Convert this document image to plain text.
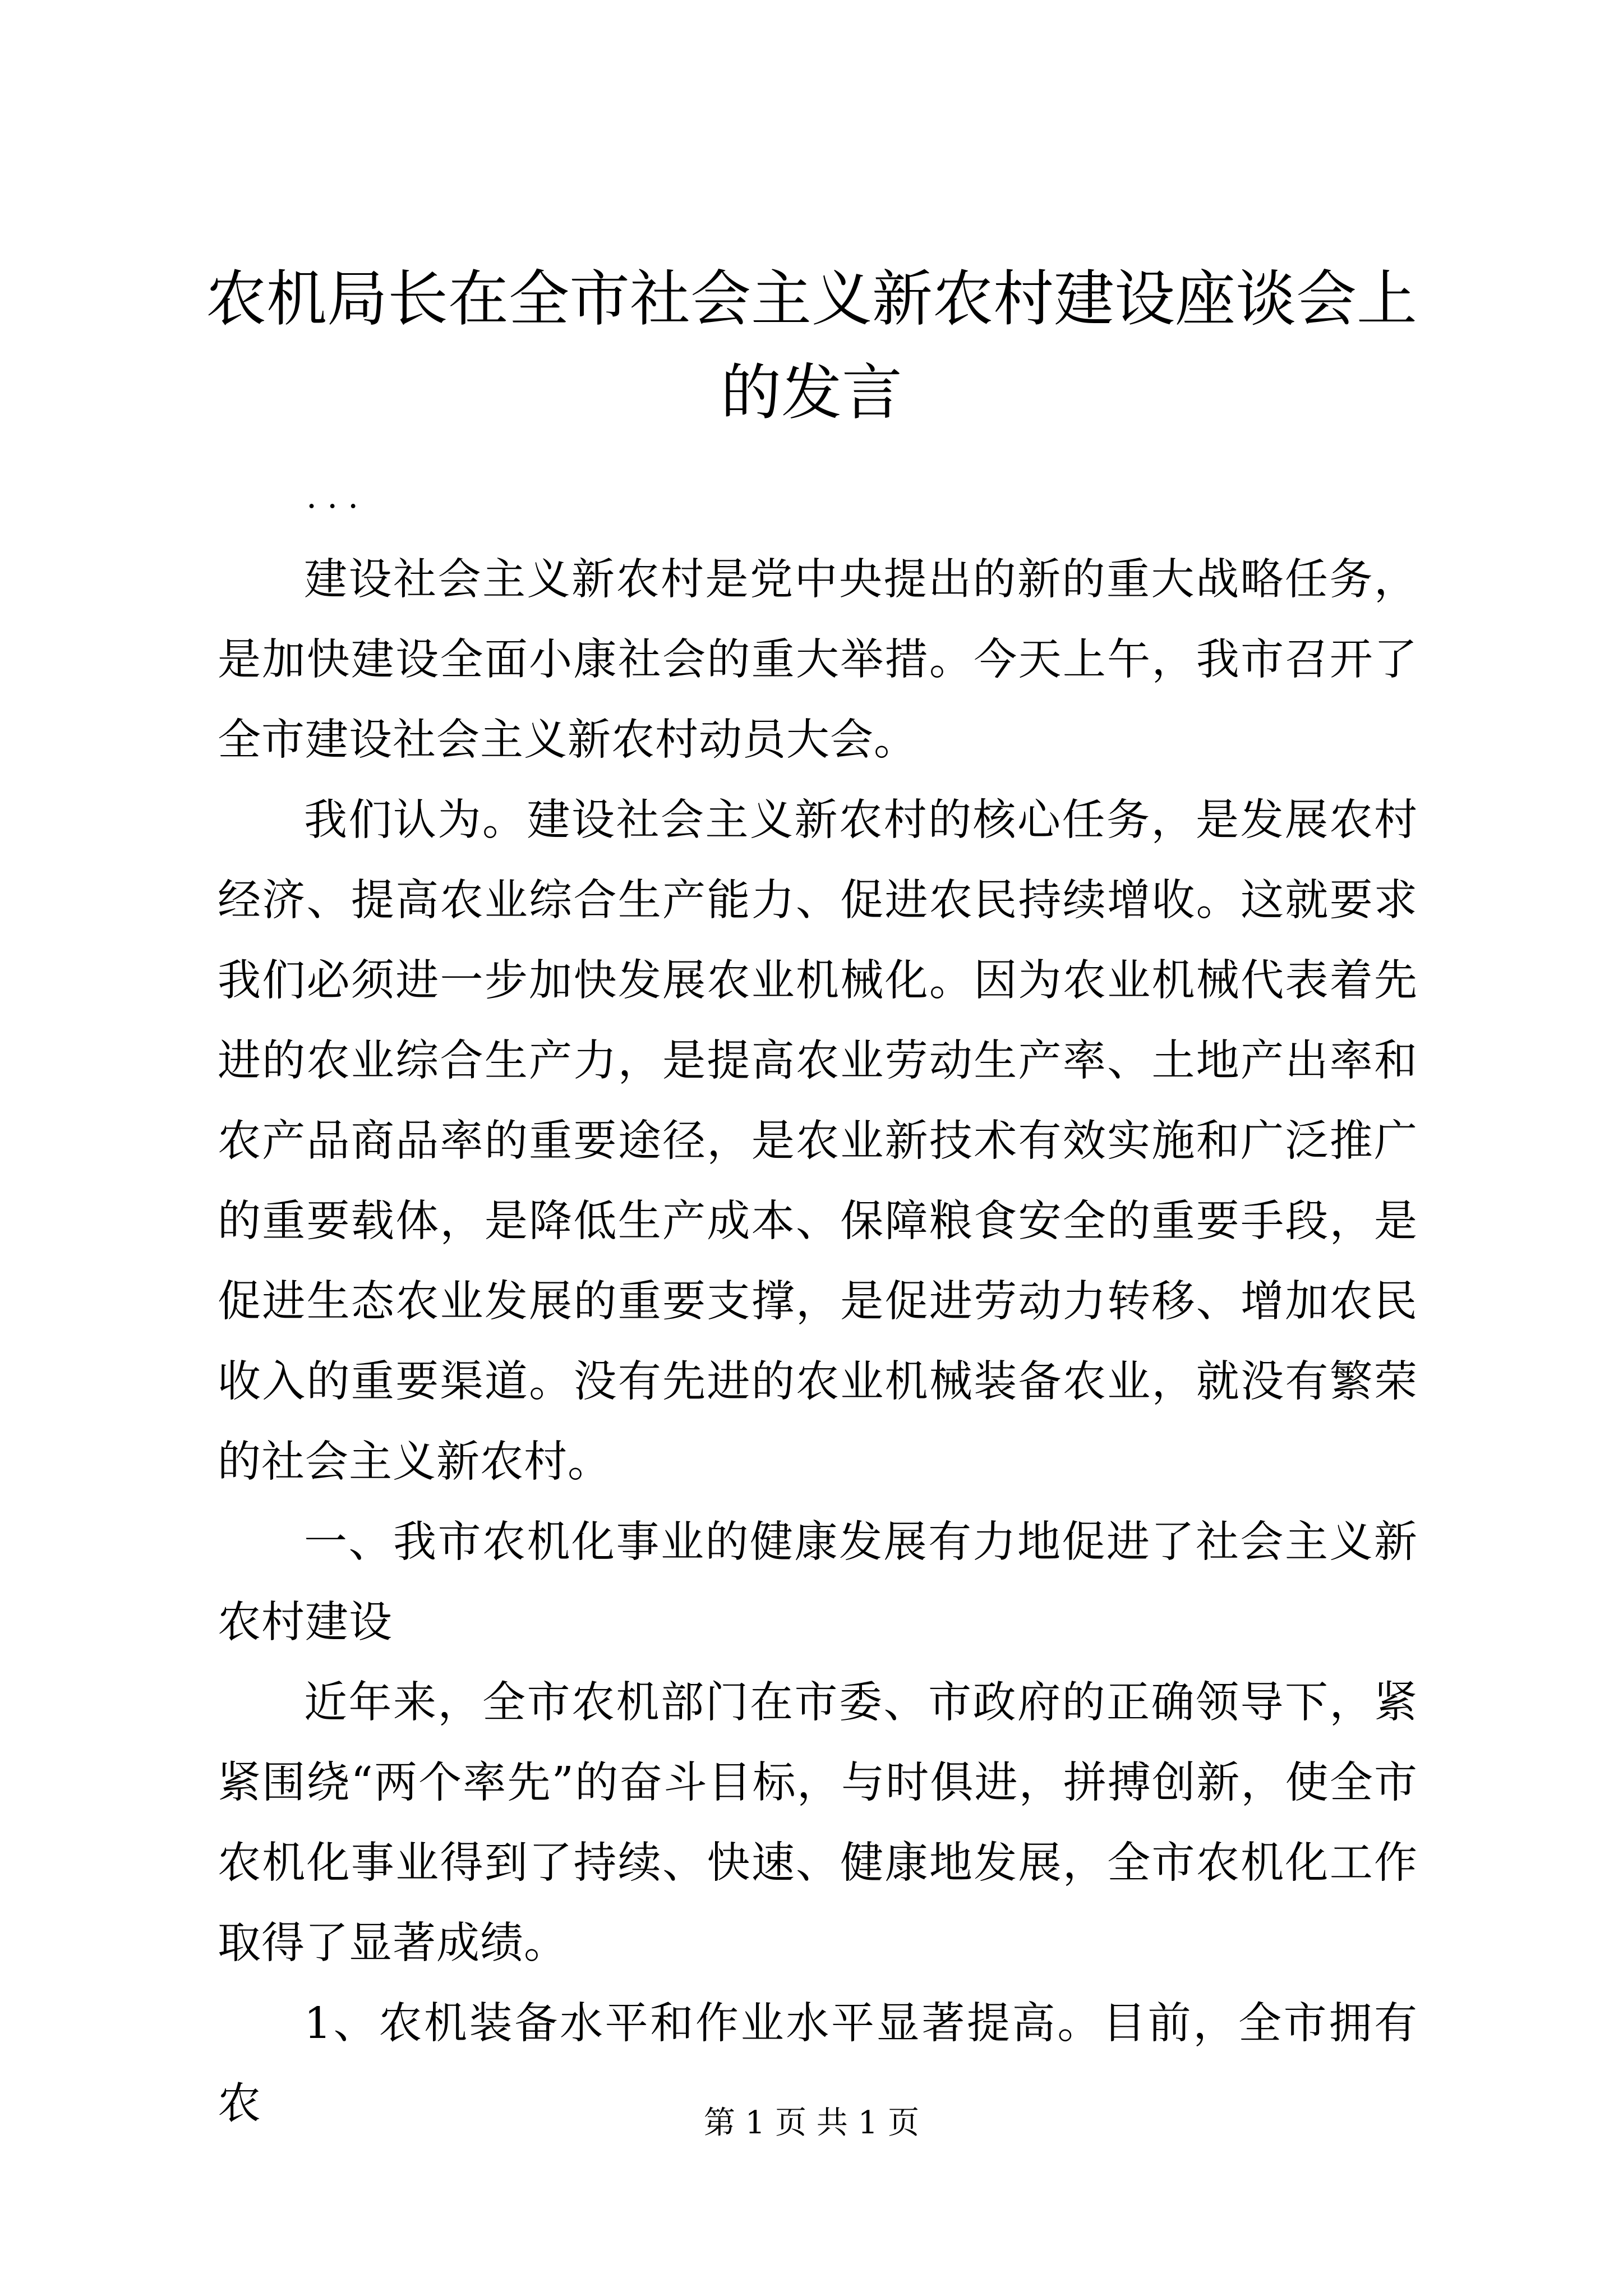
农机局长在全市社会主义新农村建设座谈会上的发言
...

建设社会主义新农村是党中央提出的新的重大战略任务，是加快建设全面小康社会的重大举措。今天上午，我市召开了全市建设社会主义新农村动员大会。

我们认为。建设社会主义新农村的核心任务，是发展农村经济、提高农业综合生产能力、促进农民持续增收。这就要求我们必须进一步加快发展农业机械化。因为农业机械代表着先进的农业综合生产力，是提高农业劳动生产率、土地产出率和农产品商品率的重要途径，是农业新技术有效实施和广泛推广的重要载体，是降低生产成本、保障粮食安全的重要手段，是促进生态农业发展的重要支撑，是促进劳动力转移、增加农民收入的重要渠道。没有先进的农业机械装备农业，就没有繁荣的社会主义新农村。

一、我市农机化事业的健康发展有力地促进了社会主义新农村建设

近年来，全市农机部门在市委、市政府的正确领导下，紧紧围绕“两个率先”的奋斗目标，与时俱进，拼搏创新，使全市农机化事业得到了持续、快速、健康地发展，全市农机化工作取得了显著成绩。

1、农机装备水平和作业水平显著提高。目前，全市拥有农	第 1 页 共 1 页
